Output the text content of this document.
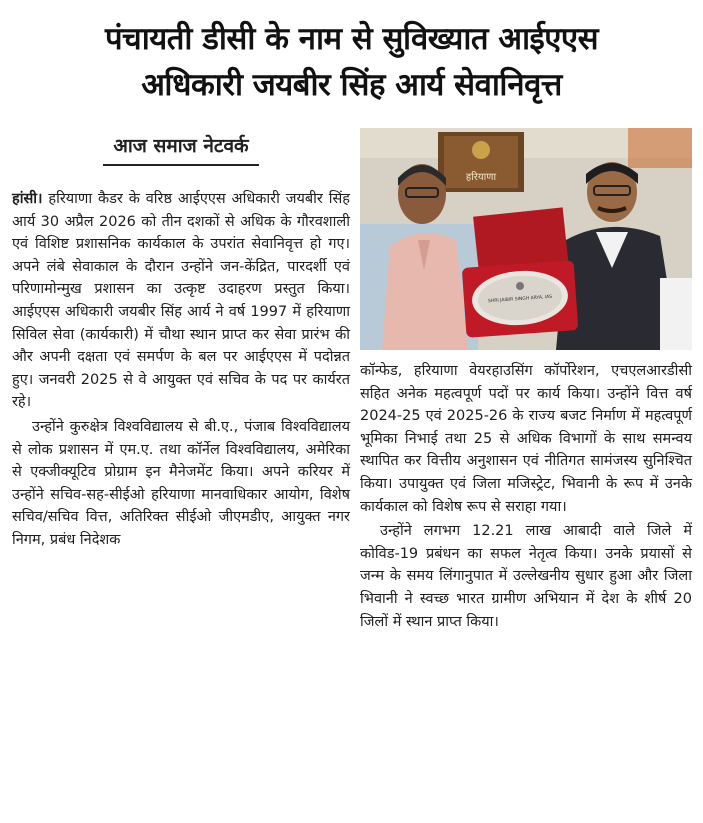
पंचायती डीसी के नाम से सुविख्यात आईएएस
अधिकारी जयबीर सिंह आर्य सेवानिवृत्त
आज समाज नेटवर्क

हांसी। हरियाणा कैडर के वरिष्ठ आईएएस अधिकारी जयबीर सिंह आर्य 30 अप्रैल 2026 को तीन दशकों से अधिक के गौरवशाली एवं विशिष्ट प्रशासनिक कार्यकाल के उपरांत सेवानिवृत्त हो गए। अपने लंबे सेवाकाल के दौरान उन्होंने जन-केंद्रित, पारदर्शी एवं परिणामोन्मुख प्रशासन का उत्कृष्ट उदाहरण प्रस्तुत किया। आईएएस अधिकारी जयबीर सिंह आर्य ने वर्ष 1997 में हरियाणा सिविल सेवा (कार्यकारी) में चौथा स्थान प्राप्त कर सेवा प्रारंभ की और अपनी दक्षता एवं समर्पण के बल पर आईएएस में पदोन्नत हुए। जनवरी 2025 से वे आयुक्त एवं सचिव के पद पर कार्यरत रहे।

उन्होंने कुरुक्षेत्र विश्वविद्यालय से बी.ए., पंजाब विश्वविद्यालय से लोक प्रशासन में एम.ए. तथा कॉर्नेल विश्वविद्यालय, अमेरिका से एक्जीक्यूटिव प्रोग्राम इन मैनेजमेंट किया। अपने करियर में उन्होंने सचिव-सह-सीईओ हरियाणा मानवाधिकार आयोग, विशेष सचिव/सचिव वित्त, अतिरिक्त सीईओ जीएमडीए, आयुक्त नगर निगम, प्रबंध निदेशक

हरियाणा
SHRI JAIBIR SINGH ARYA, IAS

कॉन्फेड, हरियाणा वेयरहाउसिंग कॉर्पोरेशन, एचएलआरडीसी सहित अनेक महत्वपूर्ण पदों पर कार्य किया। उन्होंने वित्त वर्ष 2024-25 एवं 2025-26 के राज्य बजट निर्माण में महत्वपूर्ण भूमिका निभाई तथा 25 से अधिक विभागों के साथ समन्वय स्थापित कर वित्तीय अनुशासन एवं नीतिगत सामंजस्य सुनिश्चित किया। उपायुक्त एवं जिला मजिस्ट्रेट, भिवानी के रूप में उनके कार्यकाल को विशेष रूप से सराहा गया।

उन्होंने लगभग 12.21 लाख आबादी वाले जिले में कोविड-19 प्रबंधन का सफल नेतृत्व किया। उनके प्रयासों से जन्म के समय लिंगानुपात में उल्लेखनीय सुधार हुआ और जिला भिवानी ने स्वच्छ भारत ग्रामीण अभियान में देश के शीर्ष 20 जिलों में स्थान प्राप्त किया।
